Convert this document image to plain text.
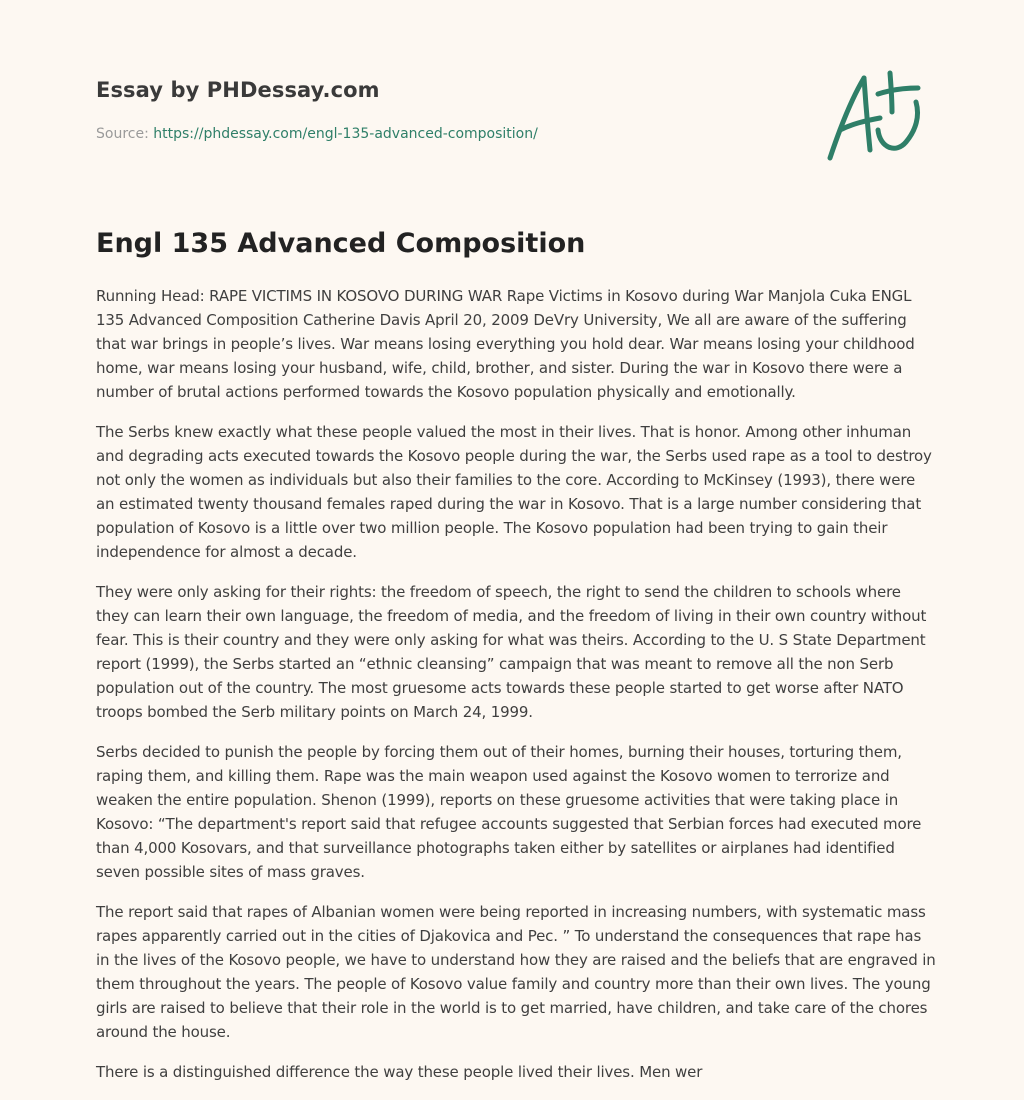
Essay by PHDessay.com
Source: https://phdessay.com/engl-135-advanced-composition/
Engl 135 Advanced Composition

Running Head: RAPE VICTIMS IN KOSOVO DURING WAR Rape Victims in Kosovo during War Manjola Cuka ENGL 135 Advanced Composition Catherine Davis April 20, 2009 DeVry University, We all are aware of the suffering that war brings in people’s lives. War means losing everything you hold dear. War means losing your childhood home, war means losing your husband, wife, child, brother, and sister. During the war in Kosovo there were a number of brutal actions performed towards the Kosovo population physically and emotionally.

The Serbs knew exactly what these people valued the most in their lives. That is honor. Among other inhuman and degrading acts executed towards the Kosovo people during the war, the Serbs used rape as a tool to destroy not only the women as individuals but also their families to the core. According to McKinsey (1993), there were an estimated twenty thousand females raped during the war in Kosovo. That is a large number considering that population of Kosovo is a little over two million people. The Kosovo population had been trying to gain their independence for almost a decade.

They were only asking for their rights: the freedom of speech, the right to send the children to schools where they can learn their own language, the freedom of media, and the freedom of living in their own country without fear. This is their country and they were only asking for what was theirs. According to the U. S State Department report (1999), the Serbs started an “ethnic cleansing” campaign that was meant to remove all the non Serb population out of the country. The most gruesome acts towards these people started to get worse after NATO troops bombed the Serb military points on March 24, 1999.

Serbs decided to punish the people by forcing them out of their homes, burning their houses, torturing them, raping them, and killing them. Rape was the main weapon used against the Kosovo women to terrorize and weaken the entire population. Shenon (1999), reports on these gruesome activities that were taking place in Kosovo: “The department's report said that refugee accounts suggested that Serbian forces had executed more than 4,000 Kosovars, and that surveillance photographs taken either by satellites or airplanes had identified seven possible sites of mass graves.

The report said that rapes of Albanian women were being reported in increasing numbers, with systematic mass rapes apparently carried out in the cities of Djakovica and Pec. ” To understand the consequences that rape has in the lives of the Kosovo people, we have to understand how they are raised and the beliefs that are engraved in them throughout the years. The people of Kosovo value family and country more than their own lives. The young girls are raised to believe that their role in the world is to get married, have children, and take care of the chores around the house.

There is a distinguished difference the way these people lived their lives. Men wer
